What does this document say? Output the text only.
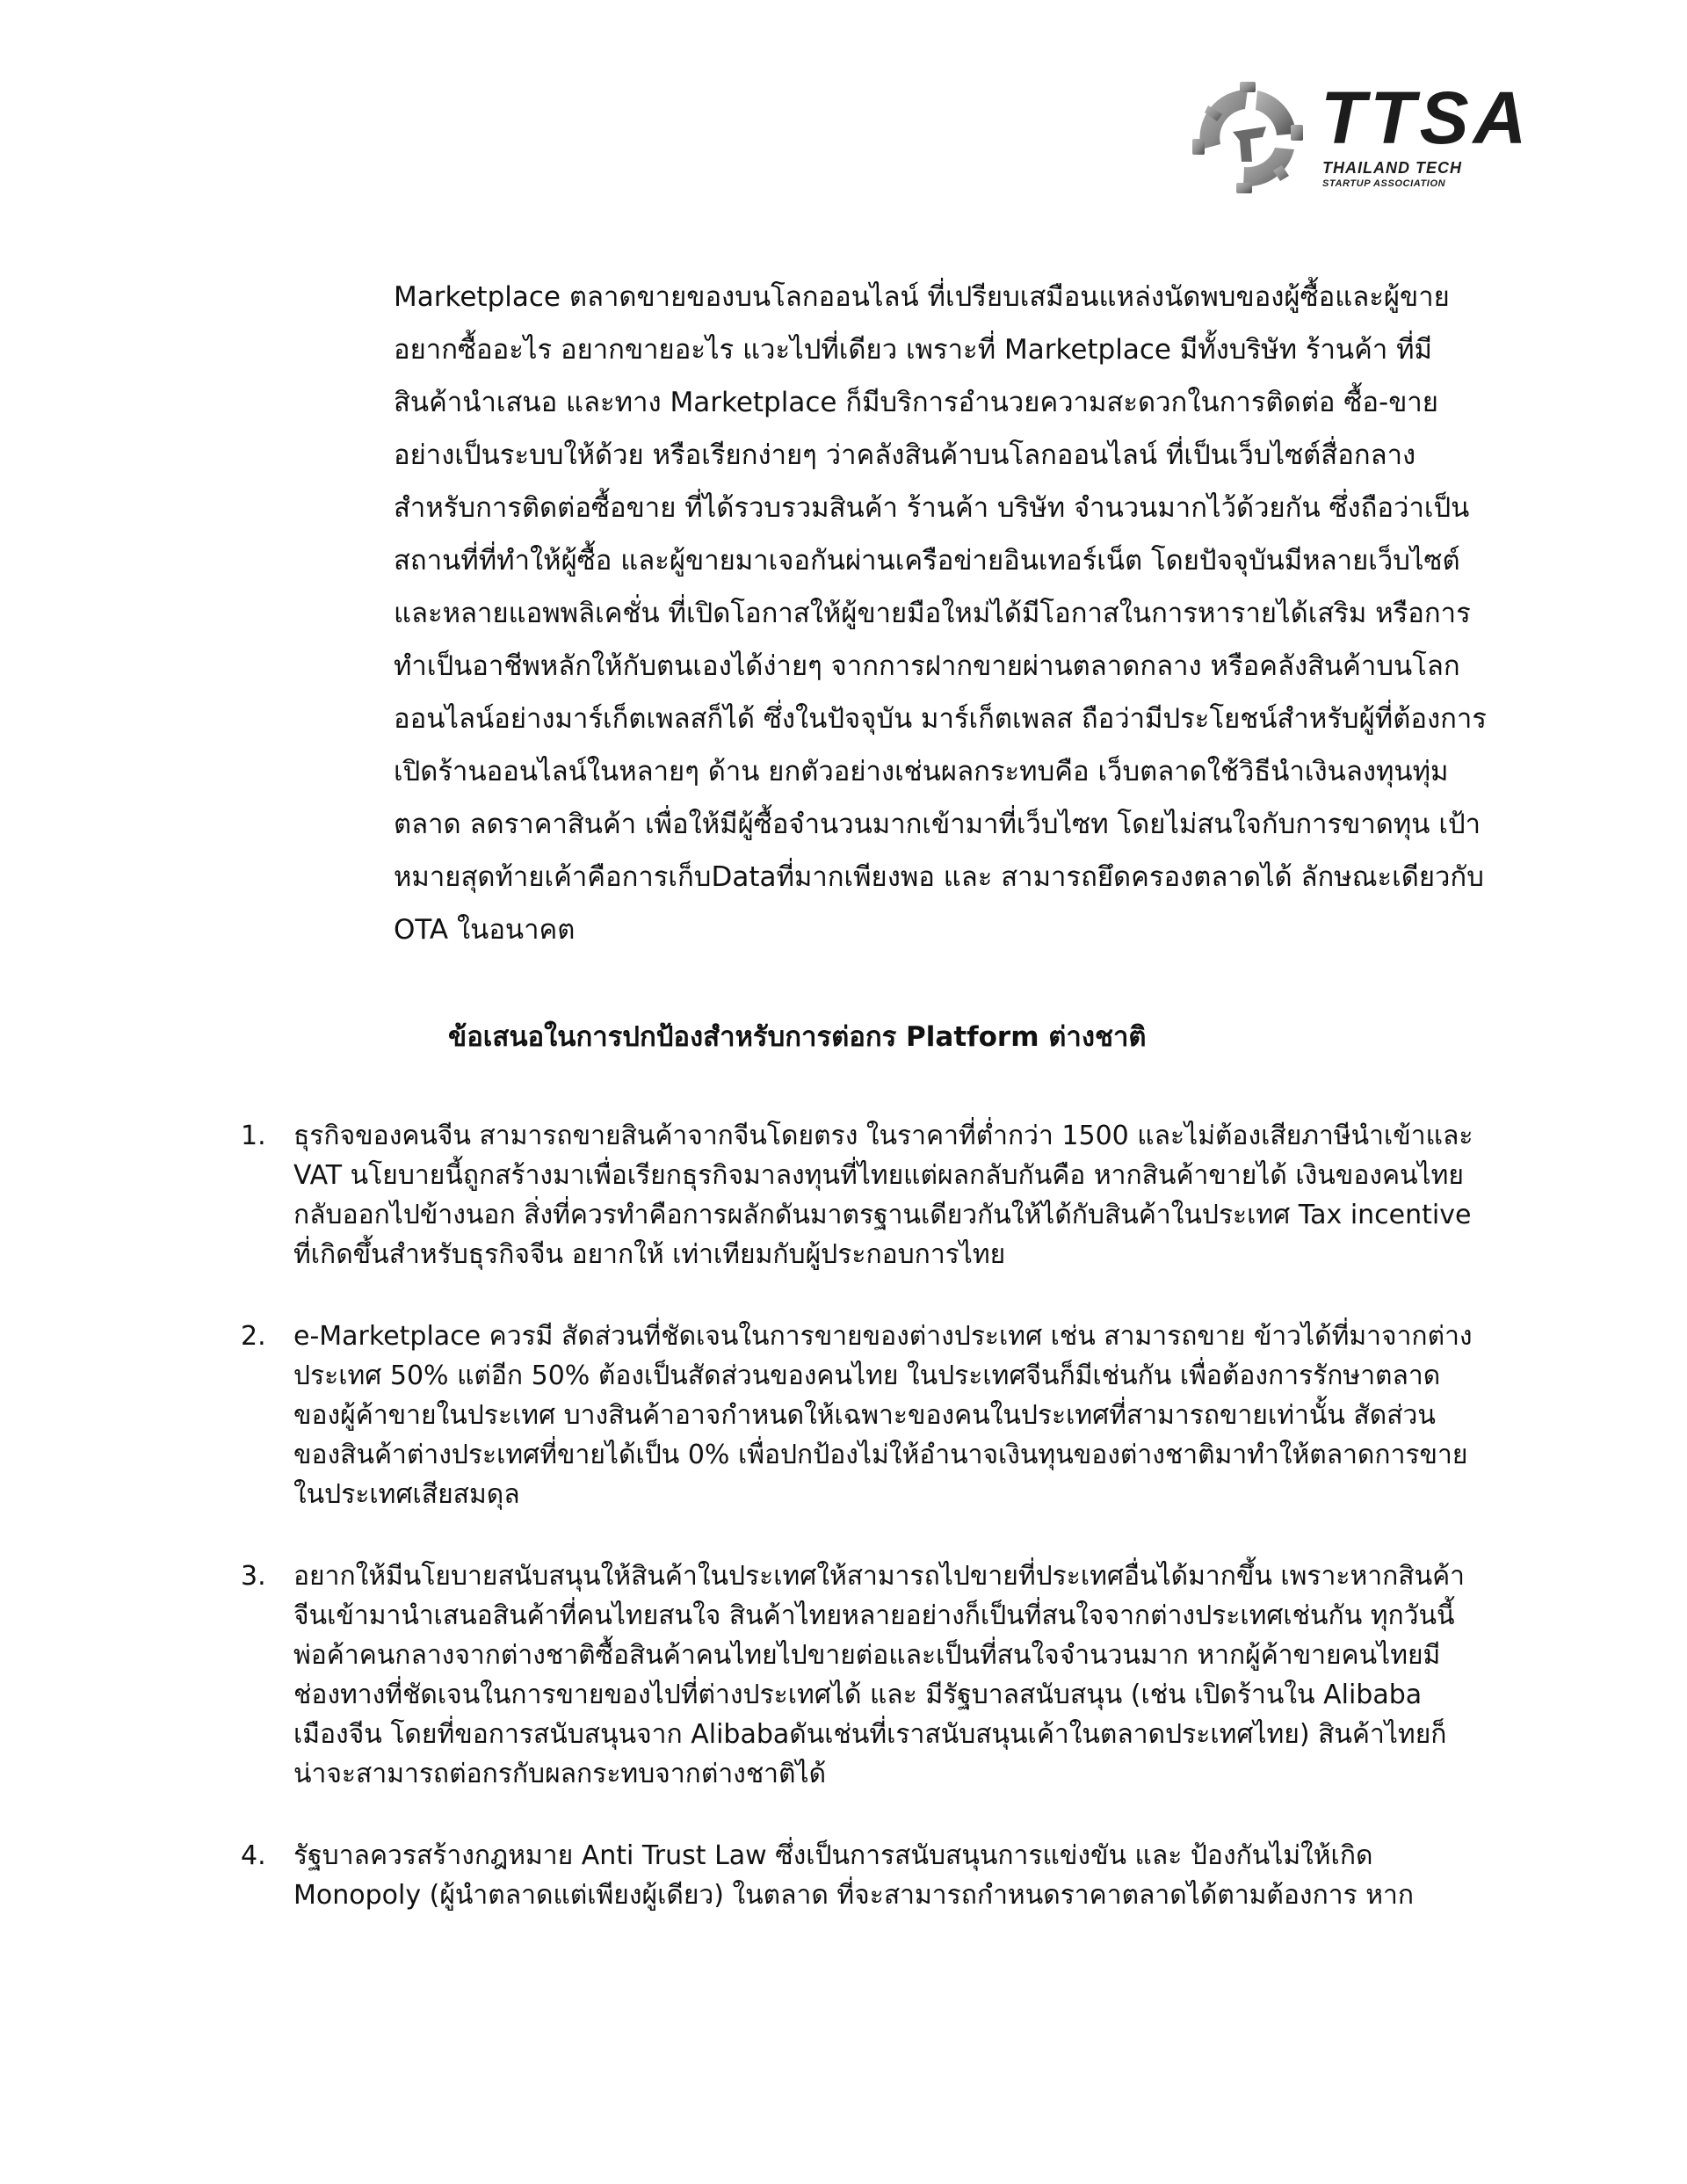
TTSA
THAILAND TECH
STARTUP ASSOCIATION

Marketplace ตลาดขายของบนโลกออนไลน์ ที่เปรียบเสมือนแหล่งนัดพบของผู้ซื้อและผู้ขาย อยากซื้ออะไร อยากขายอะไร แวะไปที่เดียว เพราะที่ Marketplace มีทั้งบริษัท ร้านค้า ที่มีสินค้านำเสนอ และทาง Marketplace ก็มีบริการอำนวยความสะดวกในการติดต่อ ซื้อ-ขายอย่างเป็นระบบให้ด้วย หรือเรียกง่ายๆ ว่าคลังสินค้าบนโลกออนไลน์ ที่เป็นเว็บไซต์สื่อกลางสำหรับการติดต่อซื้อขาย ที่ได้รวบรวมสินค้า ร้านค้า บริษัท จำนวนมากไว้ด้วยกัน ซึ่งถือว่าเป็นสถานที่ที่ทำให้ผู้ซื้อ และผู้ขายมาเจอกันผ่านเครือข่ายอินเทอร์เน็ต โดยปัจจุบันมีหลายเว็บไซต์ และหลายแอพพลิเคชั่น ที่เปิดโอกาสให้ผู้ขายมือใหม่ได้มีโอกาสในการหารายได้เสริม หรือการทำเป็นอาชีพหลักให้กับตนเองได้ง่ายๆ จากการฝากขายผ่านตลาดกลาง หรือคลังสินค้าบนโลกออนไลน์อย่างมาร์เก็ตเพลสก็ได้ ซึ่งในปัจจุบัน มาร์เก็ตเพลส ถือว่ามีประโยชน์สำหรับผู้ที่ต้องการเปิดร้านออนไลน์ในหลายๆ ด้าน ยกตัวอย่างเช่นผลกระทบคือ เว็บตลาดใช้วิธีนำเงินลงทุนทุ่มตลาด ลดราคาสินค้า เพื่อให้มีผู้ซื้อจำนวนมากเข้ามาที่เว็บไซท โดยไม่สนใจกับการขาดทุน เป้าหมายสุดท้ายเค้าคือการเก็บDataที่มากเพียงพอ และ สามารถยึดครองตลาดได้ ลักษณะเดียวกับ OTA ในอนาคต

ข้อเสนอในการปกป้องสำหรับการต่อกร Platform ต่างชาติ
1. ธุรกิจของคนจีน สามารถขายสินค้าจากจีนโดยตรง ในราคาที่ต่ำกว่า 1500 และไม่ต้องเสียภาษีนำเข้าและ VAT นโยบายนี้ถูกสร้างมาเพื่อเรียกธุรกิจมาลงทุนที่ไทยแต่ผลกลับกันคือ หากสินค้าขายได้ เงินของคนไทยกลับออกไปข้างนอก สิ่งที่ควรทำคือการผลักดันมาตรฐานเดียวกันให้ได้กับสินค้าในประเทศ Tax incentive ที่เกิดขึ้นสำหรับธุรกิจจีน อยากให้ เท่าเทียมกับผู้ประกอบการไทย
2. e-Marketplace ควรมี สัดส่วนที่ชัดเจนในการขายของต่างประเทศ เช่น สามารถขาย ข้าวได้ที่มาจากต่างประเทศ 50% แต่อีก 50% ต้องเป็นสัดส่วนของคนไทย ในประเทศจีนก็มีเช่นกัน เพื่อต้องการรักษาตลาดของผู้ค้าขายในประเทศ บางสินค้าอาจกำหนดให้เฉพาะของคนในประเทศที่สามารถขายเท่านั้น สัดส่วนของสินค้าต่างประเทศที่ขายได้เป็น 0% เพื่อปกป้องไม่ให้อำนาจเงินทุนของต่างชาติมาทำให้ตลาดการขายในประเทศเสียสมดุล
3. อยากให้มีนโยบายสนับสนุนให้สินค้าในประเทศให้สามารถไปขายที่ประเทศอื่นได้มากขึ้น เพราะหากสินค้าจีนเข้ามานำเสนอสินค้าที่คนไทยสนใจ สินค้าไทยหลายอย่างก็เป็นที่สนใจจากต่างประเทศเช่นกัน ทุกวันนี้พ่อค้าคนกลางจากต่างชาติซื้อสินค้าคนไทยไปขายต่อและเป็นที่สนใจจำนวนมาก หากผู้ค้าขายคนไทยมีช่องทางที่ชัดเจนในการขายของไปที่ต่างประเทศได้ และ มีรัฐบาลสนับสนุน (เช่น เปิดร้านใน Alibaba เมืองจีน โดยที่ขอการสนับสนุนจาก Alibabaดันเช่นที่เราสนับสนุนเค้าในตลาดประเทศไทย) สินค้าไทยก็น่าจะสามารถต่อกรกับผลกระทบจากต่างชาติได้
4. รัฐบาลควรสร้างกฎหมาย Anti Trust Law ซึ่งเป็นการสนับสนุนการแข่งขัน และ ป้องกันไม่ให้เกิด Monopoly (ผู้นำตลาดแต่เพียงผู้เดียว) ในตลาด ที่จะสามารถกำหนดราคาตลาดได้ตามต้องการ หาก
